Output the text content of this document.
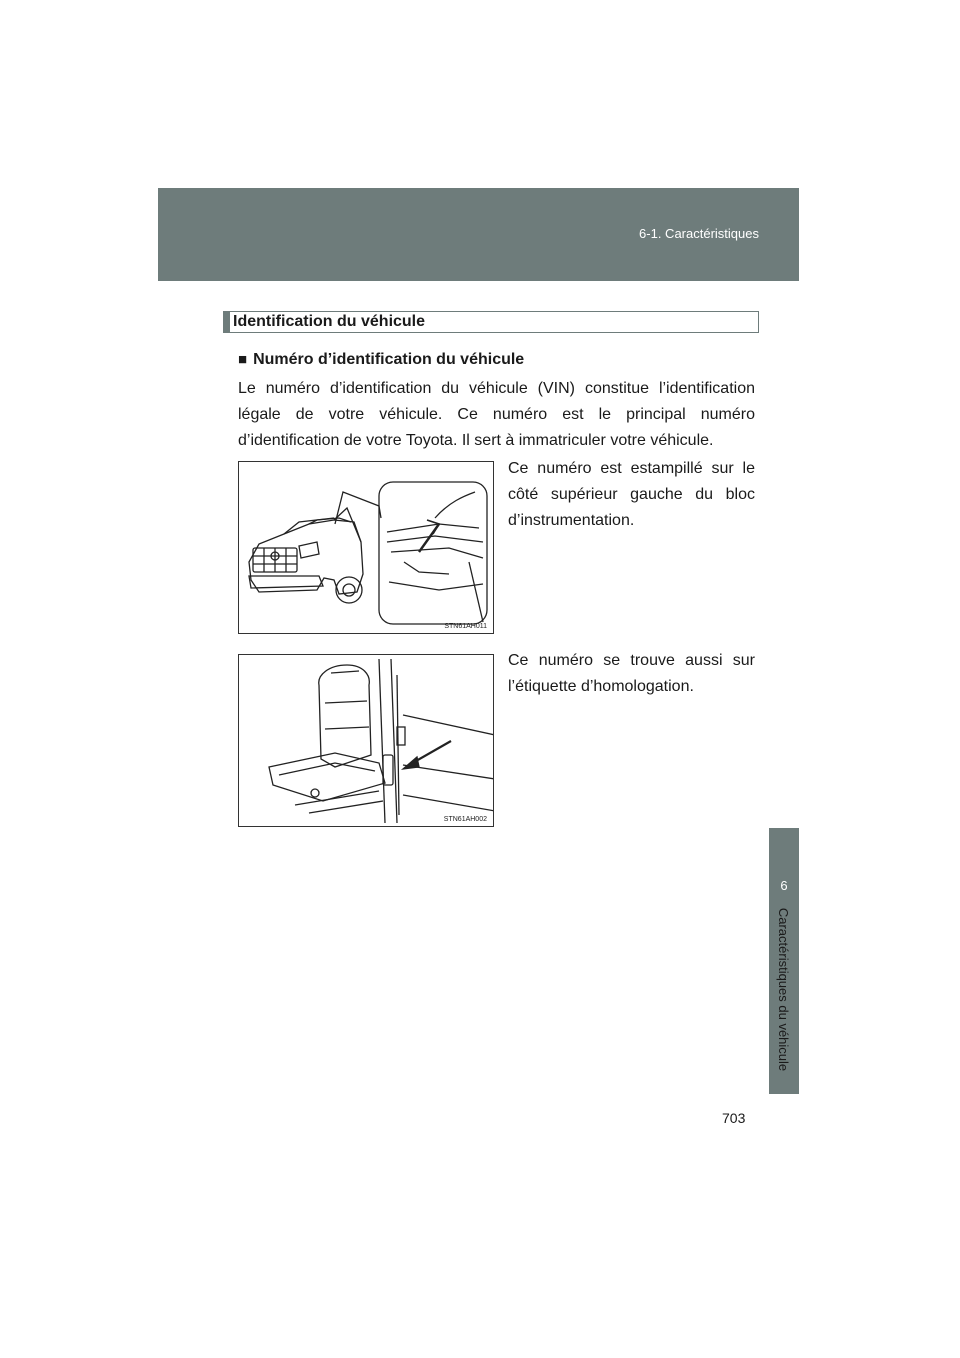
6-1. Caractéristiques
6
Caractéristiques du véhicule
Identification du véhicule
■ Numéro d’identification du véhicule
Le numéro d’identification du véhicule (VIN) constitue l’identification légale de votre véhicule. Ce numéro est le principal numéro d’identification de votre Toyota. Il sert à immatriculer votre véhicule.
STN61AH011
Ce numéro est estampillé sur le côté supérieur gauche du bloc d’instrumentation.
STN61AH002
Ce numéro se trouve aussi sur l’étiquette d’homologation.
703
